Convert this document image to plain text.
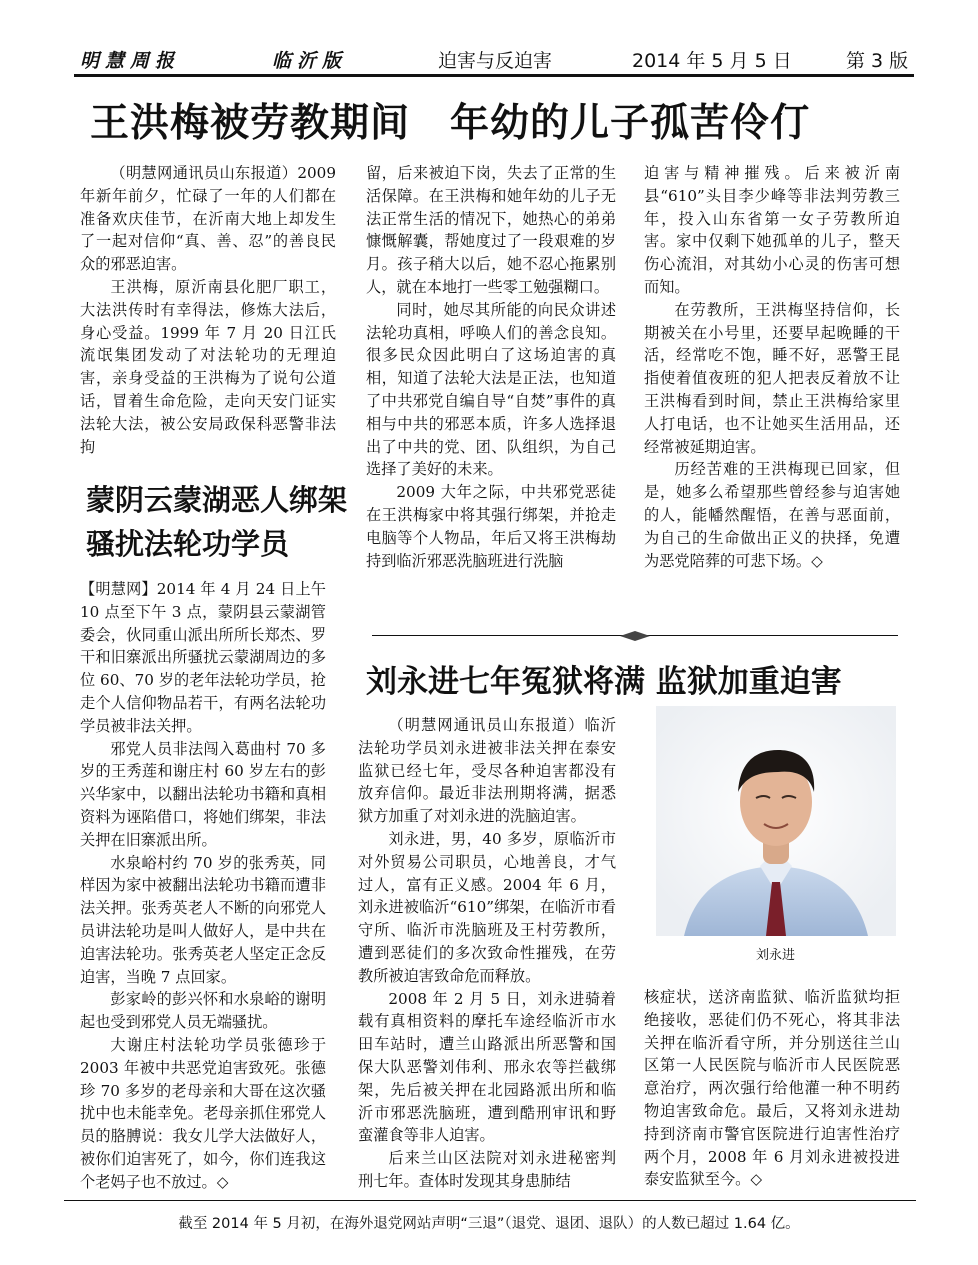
明慧周报	临沂版	迫害与反迫害	2014 年 5 月 5 日	第 3 版
王洪梅被劳教期间 年幼的儿子孤苦伶仃

（明慧网通讯员山东报道）2009年新年前夕，忙碌了一年的人们都在准备欢庆佳节，在沂南大地上却发生了一起对信仰“真、善、忍”的善良民众的邪恶迫害。

王洪梅，原沂南县化肥厂职工，大法洪传时有幸得法，修炼大法后，身心受益。1999 年 7 月 20 日江氏流氓集团发动了对法轮功的无理迫害，亲身受益的王洪梅为了说句公道话，冒着生命危险，走向天安门证实法轮大法，被公安局政保科恶警非法拘

留，后来被迫下岗，失去了正常的生活保障。在王洪梅和她年幼的儿子无法正常生活的情况下，她热心的弟弟慷慨解囊，帮她度过了一段艰难的岁月。孩子稍大以后，她不忍心拖累别人，就在本地打一些零工勉强糊口。

同时，她尽其所能的向民众讲述法轮功真相，呼唤人们的善念良知。很多民众因此明白了这场迫害的真相，知道了法轮大法是正法，也知道了中共邪党自编自导“自焚”事件的真相与中共的邪恶本质，许多人选择退出了中共的党、团、队组织，为自己选择了美好的未来。

2009 大年之际，中共邪党恶徒在王洪梅家中将其强行绑架，并抢走电脑等个人物品，年后又将王洪梅劫持到临沂邪恶洗脑班进行洗脑

迫害与精神摧残。后来被沂南县“610”头目李少峰等非法判劳教三年，投入山东省第一女子劳教所迫害。家中仅剩下她孤单的儿子，整天伤心流泪，对其幼小心灵的伤害可想而知。

在劳教所，王洪梅坚持信仰，长期被关在小号里，还要早起晚睡的干活，经常吃不饱，睡不好，恶警王昆指使着值夜班的犯人把表反着放不让王洪梅看到时间，禁止王洪梅给家里人打电话，也不让她买生活用品，还经常被延期迫害。

历经苦难的王洪梅现已回家，但是，她多么希望那些曾经参与迫害她的人，能幡然醒悟，在善与恶面前，为自己的生命做出正义的抉择，免遭为恶党陪葬的可悲下场。◇

蒙阴云蒙湖恶人绑架骚扰法轮功学员

【明慧网】2014 年 4 月 24 日上午 10 点至下午 3 点，蒙阴县云蒙湖管委会，伙同重山派出所所长郑杰、罗干和旧寨派出所骚扰云蒙湖周边的多位 60、70 岁的老年法轮功学员，抢走个人信仰物品若干，有两名法轮功学员被非法关押。

邪党人员非法闯入葛曲村 70 多岁的王秀莲和谢庄村 60 岁左右的彭兴华家中，以翻出法轮功书籍和真相资料为诬陷借口，将她们绑架，非法关押在旧寨派出所。

水泉峪村约 70 岁的张秀英，同样因为家中被翻出法轮功书籍而遭非法关押。张秀英老人不断的向邪党人员讲法轮功是叫人做好人，是中共在迫害法轮功。张秀英老人坚定正念反迫害，当晚 7 点回家。

彭家岭的彭兴怀和水泉峪的谢明起也受到邪党人员无端骚扰。

大谢庄村法轮功学员张德珍于 2003 年被中共恶党迫害致死。张德珍 70 多岁的老母亲和大哥在这次骚扰中也未能幸免。老母亲抓住邪党人员的胳膊说：我女儿学大法做好人，被你们迫害死了，如今，你们连我这个老妈子也不放过。◇

刘永进七年冤狱将满 监狱加重迫害

（明慧网通讯员山东报道）临沂法轮功学员刘永进被非法关押在泰安监狱已经七年，受尽各种迫害都没有放弃信仰。最近非法刑期将满，据悉狱方加重了对刘永进的洗脑迫害。

刘永进，男，40 多岁，原临沂市对外贸易公司职员，心地善良，才气过人，富有正义感。2004 年 6 月，刘永进被临沂“610”绑架，在临沂市看守所、临沂市洗脑班及王村劳教所，遭到恶徒们的多次致命性摧残，在劳教所被迫害致命危而释放。

2008 年 2 月 5 日，刘永进骑着载有真相资料的摩托车途经临沂市水田车站时，遭兰山路派出所恶警和国保大队恶警刘伟利、邢永农等拦截绑架，先后被关押在北园路派出所和临沂市邪恶洗脑班，遭到酷刑审讯和野蛮灌食等非人迫害。

后来兰山区法院对刘永进秘密判刑七年。查体时发现其身患肺结

刘永进

核症状，送济南监狱、临沂监狱均拒绝接收，恶徒们仍不死心，将其非法关押在临沂看守所，并分别送往兰山区第一人民医院与临沂市人民医院恶意治疗，两次强行给他灌一种不明药物迫害致命危。最后，又将刘永进劫持到济南市警官医院进行迫害性治疗两个月，2008 年 6 月刘永进被投进泰安监狱至今。◇

截至 2014 年 5 月初，在海外退党网站声明“三退”（退党、退团、退队）的人数已超过 1.64 亿。
